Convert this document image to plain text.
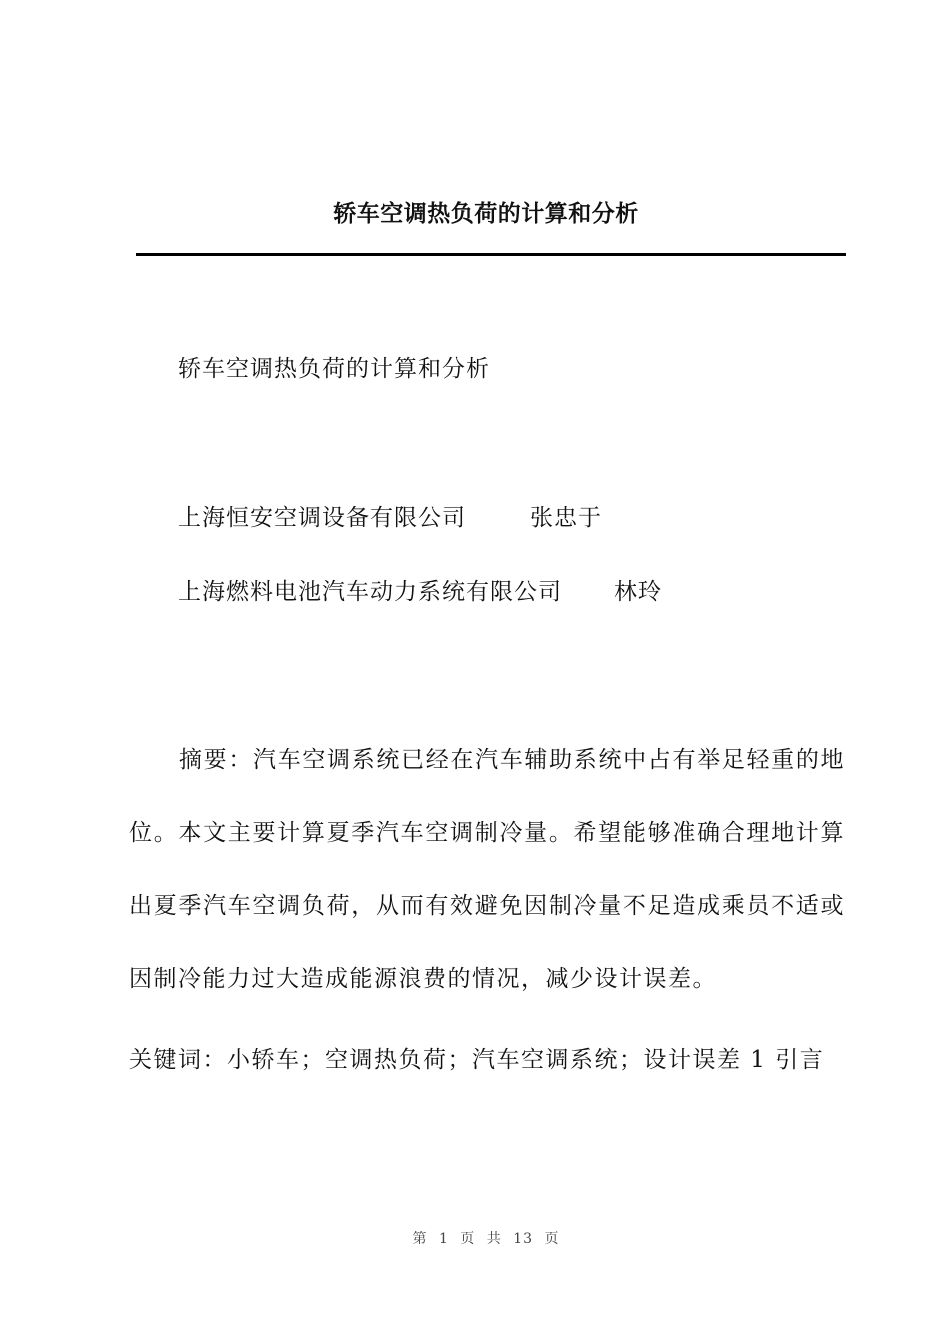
轿车空调热负荷的计算和分析
轿车空调热负荷的计算和分析
上海恒安空调设备有限公司	张忠于
上海燃料电池汽车动力系统有限公司 林玲

摘要：汽车空调系统已经在汽车辅助系统中占有举足轻重的地位。本文主要计算夏季汽车空调制冷量。希望能够准确合理地计算出夏季汽车空调负荷，从而有效避免因制冷量不足造成乘员不适或因制冷能力过大造成能源浪费的情况，减少设计误差。

关键词：小轿车；空调热负荷；汽车空调系统；设计误差 1 引言

第 1 页 共 13 页
